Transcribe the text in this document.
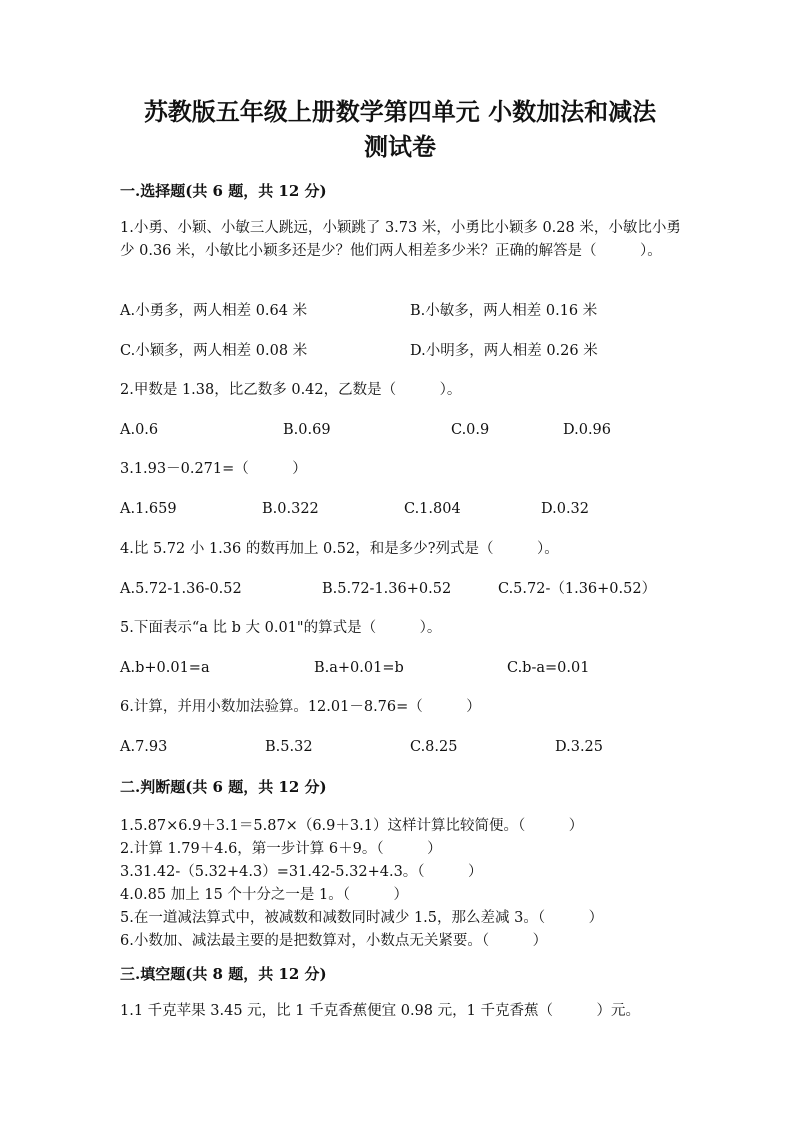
苏教版五年级上册数学第四单元 小数加法和减法
测试卷
一.选择题(共 6 题，共 12 分)
1.小勇、小颖、小敏三人跳远，小颖跳了 3.73 米，小勇比小颖多 0.28 米，小敏比小勇少 0.36 米，小敏比小颖多还是少？他们两人相差多少米？正确的解答是（　　　）。
A.小勇多，两人相差 0.64 米	B.小敏多，两人相差 0.16 米
C.小颖多，两人相差 0.08 米	D.小明多，两人相差 0.26 米
2.甲数是 1.38，比乙数多 0.42，乙数是（　　　）。
A.0.6	B.0.69	C.0.9	D.0.96
3.1.93－0.271=（　　　）
A.1.659	B.0.322	C.1.804	D.0.32
4.比 5.72 小 1.36 的数再加上 0.52，和是多少?列式是（　　　）。
A.5.72-1.36-0.52	B.5.72-1.36+0.52	C.5.72-（1.36+0.52）
5.下面表示“a 比 b 大 0.01"的算式是（　　　）。
A.b+0.01=a	B.a+0.01=b	C.b-a=0.01
6.计算，并用小数加法验算。12.01－8.76=（　　　）
A.7.93	B.5.32	C.8.25	D.3.25
二.判断题(共 6 题，共 12 分)
1.5.87×6.9＋3.1＝5.87×（6.9＋3.1）这样计算比较简便。（　　　）
2.计算 1.79＋4.6，第一步计算 6＋9。（　　　）
3.31.42-（5.32+4.3）=31.42-5.32+4.3。（　　　）
4.0.85 加上 15 个十分之一是 1。（　　　）
5.在一道减法算式中，被减数和减数同时减少 1.5，那么差减 3。（　　　）
6.小数加、减法最主要的是把数算对，小数点无关紧要。（　　　）
三.填空题(共 8 题，共 12 分)
1.1 千克苹果 3.45 元，比 1 千克香蕉便宜 0.98 元，1 千克香蕉（　　　）元。
